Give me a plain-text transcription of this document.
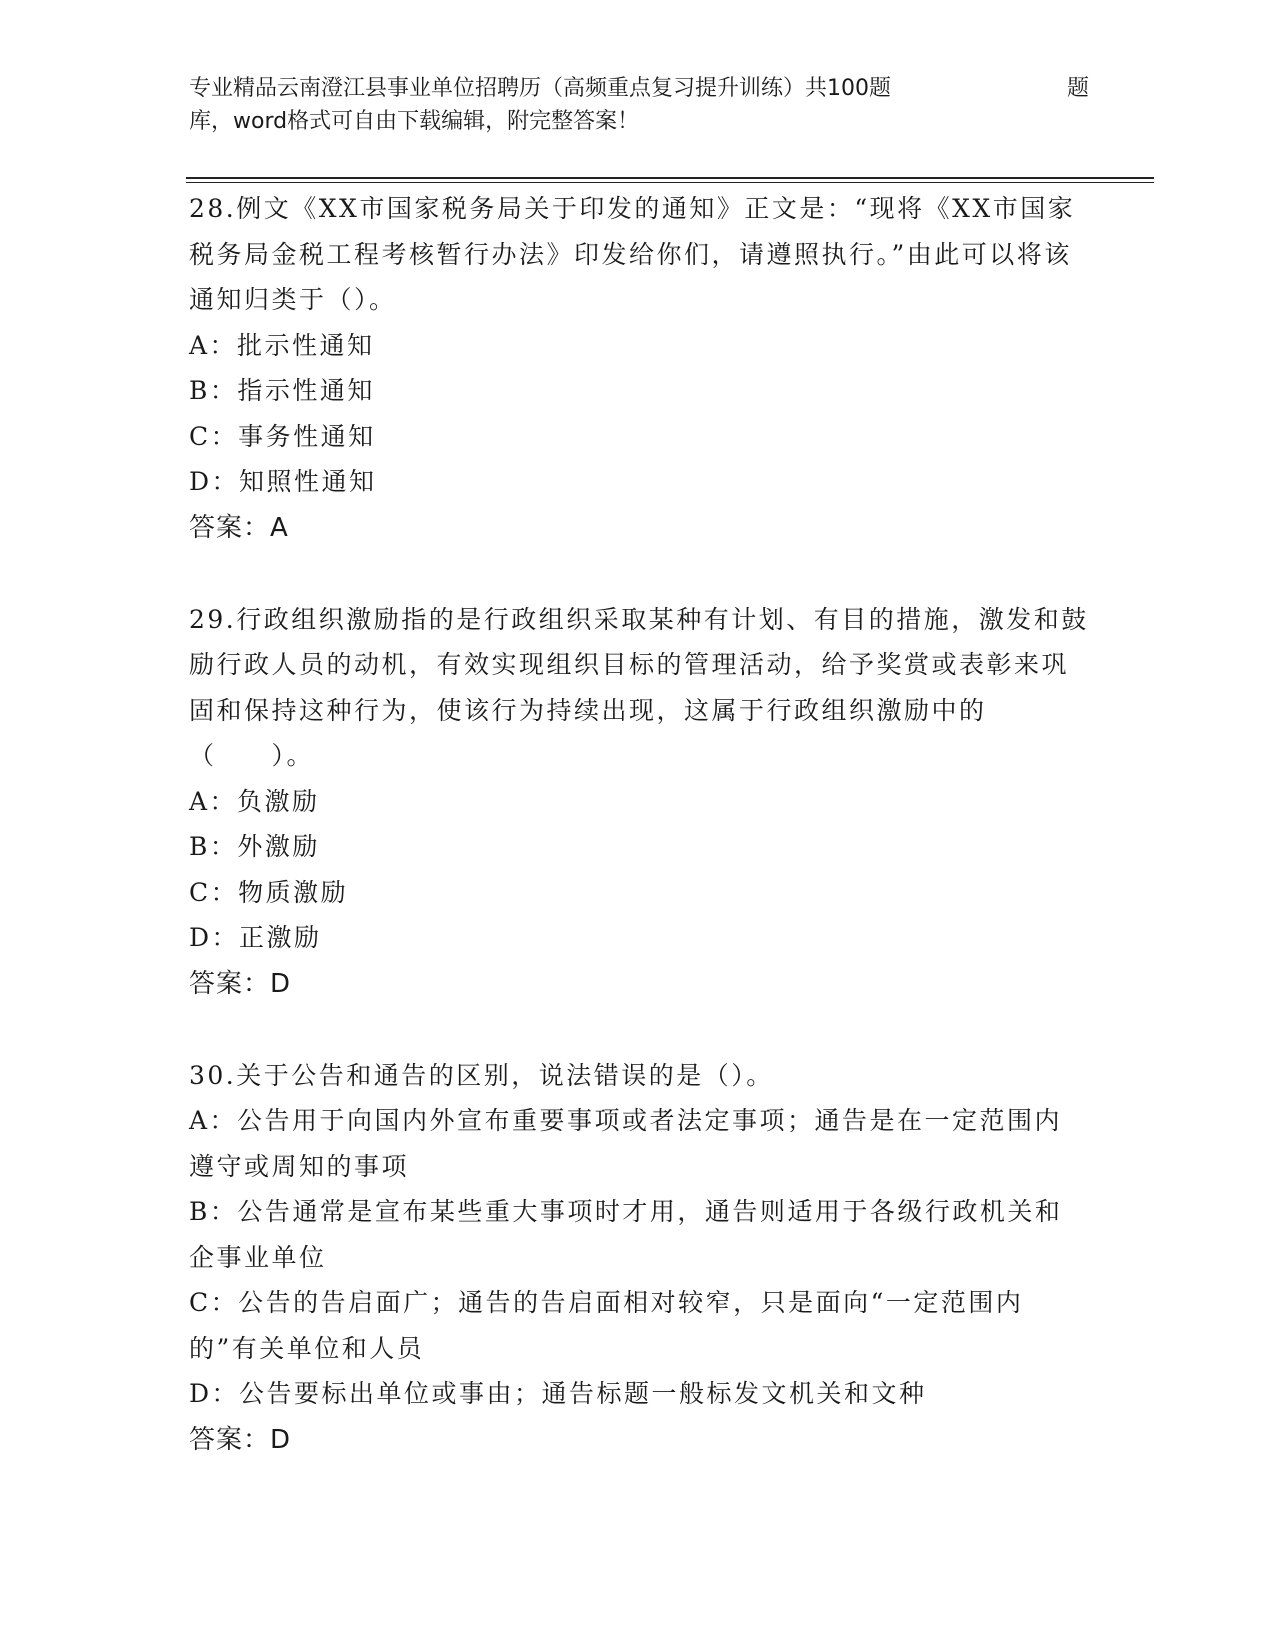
专业精品云南澄江县事业单位招聘历（高频重点复习提升训练）共100题	题
库，word格式可自由下载编辑，附完整答案！

28.例文《XX市国家税务局关于印发的通知》正文是：“现将《XX市国家税务局金税工程考核暂行办法》印发给你们，请遵照执行。”由此可以将该通知归类于（）。

A：批示性通知

B：指示性通知

C：事务性通知

D：知照性通知

答案：A

29.行政组织激励指的是行政组织采取某种有计划、有目的措施，激发和鼓励行政人员的动机，有效实现组织目标的管理活动，给予奖赏或表彰来巩固和保持这种行为，使该行为持续出现，这属于行政组织激励中的（　　）。

A：负激励

B：外激励

C：物质激励

D：正激励

答案：D

30.关于公告和通告的区别，说法错误的是（）。

A：公告用于向国内外宣布重要事项或者法定事项；通告是在一定范围内遵守或周知的事项

B：公告通常是宣布某些重大事项时才用，通告则适用于各级行政机关和企事业单位

C：公告的告启面广；通告的告启面相对较窄，只是面向“一定范围内的”有关单位和人员

D：公告要标出单位或事由；通告标题一般标发文机关和文种

答案：D
